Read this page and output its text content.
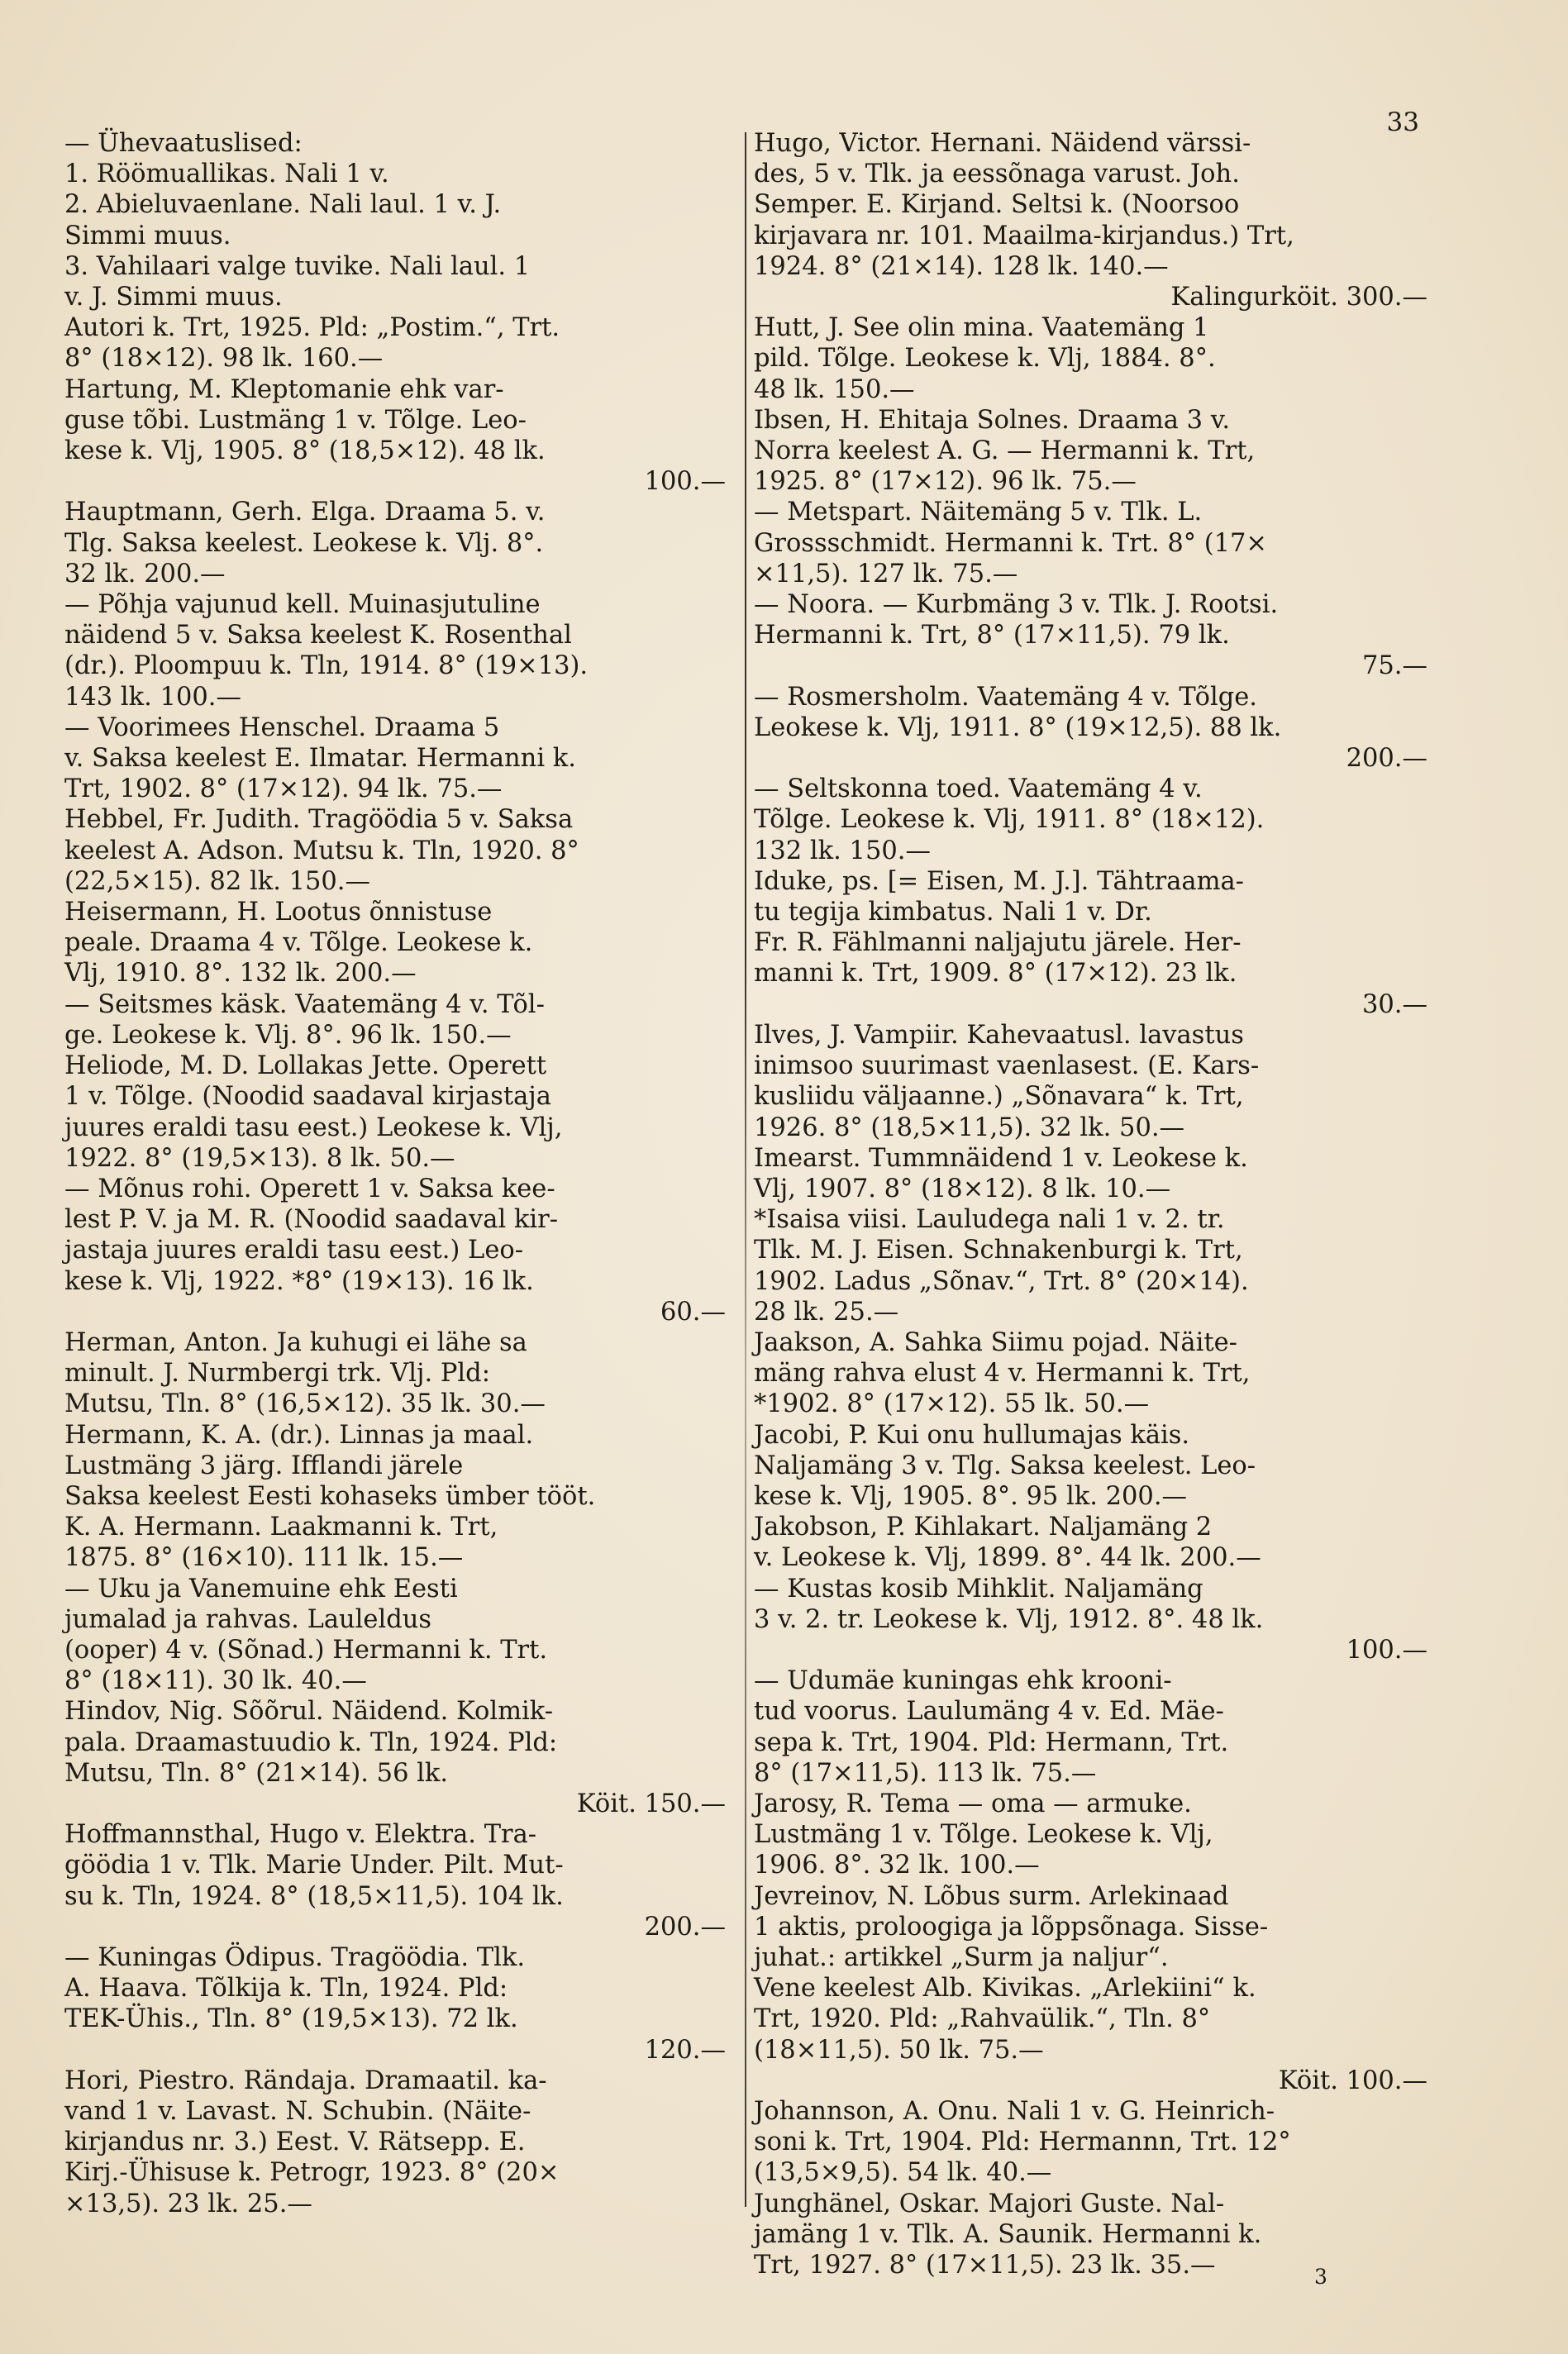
33

— Ühevaatuslised:

1. Röömuallikas. Nali 1 v.

2. Abieluvaenlane. Nali laul. 1 v. J.

Simmi muus.

3. Vahilaari valge tuvike. Nali laul. 1

v. J. Simmi muus.

Autori k. Trt, 1925. Pld: „Postim.“, Trt.

8° (18×12). 98 lk. 160.—

Hartung, M. Kleptomanie ehk var-

guse tõbi. Lustmäng 1 v. Tõlge. Leo-

kese k. Vlj, 1905. 8° (18,5×12). 48 lk.

100.—

Hauptmann, Gerh. Elga. Draama 5. v.

Tlg. Saksa keelest. Leokese k. Vlj. 8°.

32 lk. 200.—

— Põhja vajunud kell. Muinasjutuline

näidend 5 v. Saksa keelest K. Rosenthal

(dr.). Ploompuu k. Tln, 1914. 8° (19×13).

143 lk. 100.—

— Voorimees Henschel. Draama 5

v. Saksa keelest E. Ilmatar. Hermanni k.

Trt, 1902. 8° (17×12). 94 lk. 75.—

Hebbel, Fr. Judith. Tragöödia 5 v. Saksa

keelest A. Adson. Mutsu k. Tln, 1920. 8°

(22,5×15). 82 lk. 150.—

Heisermann, H. Lootus õnnistuse

peale. Draama 4 v. Tõlge. Leokese k.

Vlj, 1910. 8°. 132 lk. 200.—

— Seitsmes käsk. Vaatemäng 4 v. Tõl-

ge. Leokese k. Vlj. 8°. 96 lk. 150.—

Heliode, M. D. Lollakas Jette. Operett

1 v. Tõlge. (Noodid saadaval kirjastaja

juures eraldi tasu eest.) Leokese k. Vlj,

1922. 8° (19,5×13). 8 lk. 50.—

— Mõnus rohi. Operett 1 v. Saksa kee-

lest P. V. ja M. R. (Noodid saadaval kir-

jastaja juures eraldi tasu eest.) Leo-

kese k. Vlj, 1922. *8° (19×13). 16 lk.

60.—

Herman, Anton. Ja kuhugi ei lähe sa

minult. J. Nurmbergi trk. Vlj. Pld:

Mutsu, Tln. 8° (16,5×12). 35 lk. 30.—

Hermann, K. A. (dr.). Linnas ja maal.

Lustmäng 3 järg. Ifflandi järele

Saksa keelest Eesti kohaseks ümber tööt.

K. A. Hermann. Laakmanni k. Trt,

1875. 8° (16×10). 111 lk. 15.—

— Uku ja Vanemuine ehk Eesti

jumalad ja rahvas. Lauleldus

(ooper) 4 v. (Sõnad.) Hermanni k. Trt.

8° (18×11). 30 lk. 40.—

Hindov, Nig. Sõõrul. Näidend. Kolmik-

pala. Draamastuudio k. Tln, 1924. Pld:

Mutsu, Tln. 8° (21×14). 56 lk.

Köit. 150.—

Hoffmannsthal, Hugo v. Elektra. Tra-

göödia 1 v. Tlk. Marie Under. Pilt. Mut-

su k. Tln, 1924. 8° (18,5×11,5). 104 lk.

200.—

— Kuningas Ödipus. Tragöödia. Tlk.

A. Haava. Tõlkija k. Tln, 1924. Pld:

TEK-Ühis., Tln. 8° (19,5×13). 72 lk.

120.—

Hori, Piestro. Rändaja. Dramaatil. ka-

vand 1 v. Lavast. N. Schubin. (Näite-

kirjandus nr. 3.) Eest. V. Rätsepp. E.

Kirj.-Ühisuse k. Petrogr, 1923. 8° (20×

×13,5). 23 lk. 25.—

Hugo, Victor. Hernani. Näidend värssi-

des, 5 v. Tlk. ja eessõnaga varust. Joh.

Semper. E. Kirjand. Seltsi k. (Noorsoo

kirjavara nr. 101. Maailma-kirjandus.) Trt,

1924. 8° (21×14). 128 lk. 140.—

Kalingurköit. 300.—

Hutt, J. See olin mina. Vaatemäng 1

pild. Tõlge. Leokese k. Vlj, 1884. 8°.

48 lk. 150.—

Ibsen, H. Ehitaja Solnes. Draama 3 v.

Norra keelest A. G. — Hermanni k. Trt,

1925. 8° (17×12). 96 lk. 75.—

— Metspart. Näitemäng 5 v. Tlk. L.

Grossschmidt. Hermanni k. Trt. 8° (17×

×11,5). 127 lk. 75.—

— Noora. — Kurbmäng 3 v. Tlk. J. Rootsi.

Hermanni k. Trt, 8° (17×11,5). 79 lk.

75.—

— Rosmersholm. Vaatemäng 4 v. Tõlge.

Leokese k. Vlj, 1911. 8° (19×12,5). 88 lk.

200.—

— Seltskonna toed. Vaatemäng 4 v.

Tõlge. Leokese k. Vlj, 1911. 8° (18×12).

132 lk. 150.—

Iduke, ps. [= Eisen, M. J.]. Tähtraama-

tu tegija kimbatus. Nali 1 v. Dr.

Fr. R. Fählmanni naljajutu järele. Her-

manni k. Trt, 1909. 8° (17×12). 23 lk.

30.—

Ilves, J. Vampiir. Kahevaatusl. lavastus

inimsoo suurimast vaenlasest. (E. Kars-

kusliidu väljaanne.) „Sõnavara“ k. Trt,

1926. 8° (18,5×11,5). 32 lk. 50.—

Imearst. Tummnäidend 1 v. Leokese k.

Vlj, 1907. 8° (18×12). 8 lk. 10.—

*Isaisa viisi. Lauludega nali 1 v. 2. tr.

Tlk. M. J. Eisen. Schnakenburgi k. Trt,

1902. Ladus „Sõnav.“, Trt. 8° (20×14).

28 lk. 25.—

Jaakson, A. Sahka Siimu pojad. Näite-

mäng rahva elust 4 v. Hermanni k. Trt,

*1902. 8° (17×12). 55 lk. 50.—

Jacobi, P. Kui onu hullumajas käis.

Naljamäng 3 v. Tlg. Saksa keelest. Leo-

kese k. Vlj, 1905. 8°. 95 lk. 200.—

Jakobson, P. Kihlakart. Naljamäng 2

v. Leokese k. Vlj, 1899. 8°. 44 lk. 200.—

— Kustas kosib Mihklit. Naljamäng

3 v. 2. tr. Leokese k. Vlj, 1912. 8°. 48 lk.

100.—

— Udumäe kuningas ehk krooni-

tud voorus. Laulumäng 4 v. Ed. Mäe-

sepa k. Trt, 1904. Pld: Hermann, Trt.

8° (17×11,5). 113 lk. 75.—

Jarosy, R. Tema — oma — armuke.

Lustmäng 1 v. Tõlge. Leokese k. Vlj,

1906. 8°. 32 lk. 100.—

Jevreinov, N. Lõbus surm. Arlekinaad

1 aktis, proloogiga ja lõppsõnaga. Sisse-

juhat.: artikkel „Surm ja naljur“.

Vene keelest Alb. Kivikas. „Arlekiini“ k.

Trt, 1920. Pld: „Rahvaülik.“, Tln. 8°

(18×11,5). 50 lk. 75.—

Köit. 100.—

Johannson, A. Onu. Nali 1 v. G. Heinrich-

soni k. Trt, 1904. Pld: Hermannn, Trt. 12°

(13,5×9,5). 54 lk. 40.—

Junghänel, Oskar. Majori Guste. Nal-

jamäng 1 v. Tlk. A. Saunik. Hermanni k.

Trt, 1927. 8° (17×11,5). 23 lk. 35.—	3
